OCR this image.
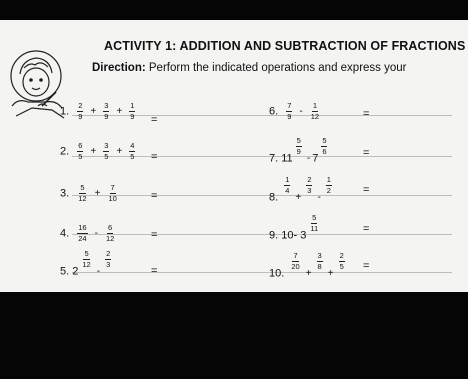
ACTIVITY 1: ADDITION AND SUBTRACTION OF FRACTIONS
Direction: Perform the indicated operations and express your
1. $\frac{2}{9} + \frac{3}{9} + \frac{1}{9}$ =
2. $\frac{6}{5} + \frac{3}{5} + \frac{4}{5}$ =
3. $\frac{5}{12} + \frac{7}{10}$	=
4. $\frac{16}{24} - \frac{6}{12}$	=
5. 2
$\frac{5}{12}$
-
$\frac{2}{3}$
=
6. $\frac{7}{9} - \frac{1}{12}$	=
7. 11
$\frac{5}{9}$
- 7
$\frac{5}{6}$	=
8.
$\frac{1}{4}$
+
$\frac{2}{3}$
-
$\frac{1}{2}$	=
9. 10- 3
$\frac{5}{11}$	=
10.
$\frac{7}{20}$
+
$\frac{3}{8}$
+
$\frac{2}{5}$ =
